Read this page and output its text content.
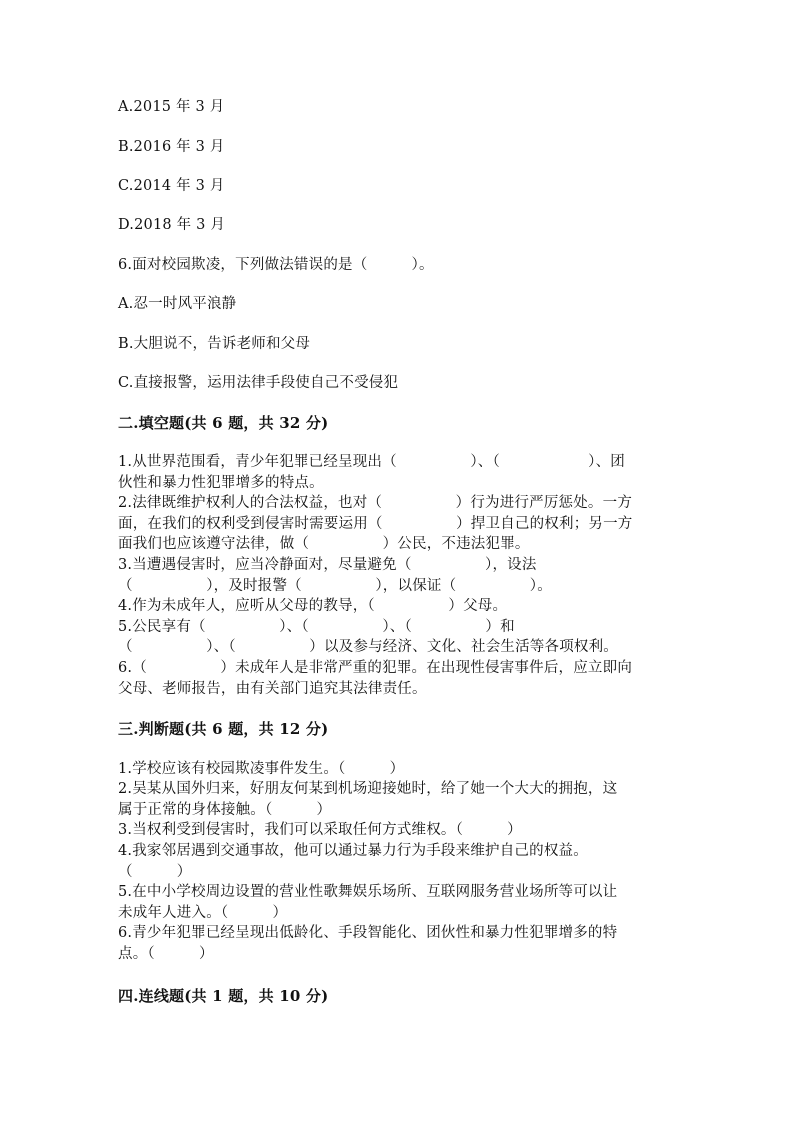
A.2015 年 3 月
B.2016 年 3 月
C.2014 年 3 月
D.2018 年 3 月
6.面对校园欺凌，下列做法错误的是（　　　）。
A.忍一时风平浪静
B.大胆说不，告诉老师和父母
C.直接报警，运用法律手段使自己不受侵犯
二.填空题(共 6 题，共 32 分)
1.从世界范围看，青少年犯罪已经呈现出（　　　　　）、（　　　　　　）、团
伙性和暴力性犯罪增多的特点。
2.法律既维护权利人的合法权益，也对（　　　　　）行为进行严厉惩处。一方
面，在我们的权利受到侵害时需要运用（　　　　　）捍卫自己的权利；另一方
面我们也应该遵守法律，做（　　　　　）公民，不违法犯罪。
3.当遭遇侵害时，应当冷静面对，尽量避免（　　　　　），设法
（　　　　　），及时报警（　　　　　），以保证（　　　　　）。
4.作为未成年人，应听从父母的教导，（　　　　　）父母。
5.公民享有（　　　　　）、（　　　　　）、（　　　　　）和
（　　　　　）、（　　　　　）以及参与经济、文化、社会生活等各项权利。
6.（　　　　　）未成年人是非常严重的犯罪。在出现性侵害事件后，应立即向
父母、老师报告，由有关部门追究其法律责任。
三.判断题(共 6 题，共 12 分)
1.学校应该有校园欺凌事件发生。（　　　）
2.吴某从国外归来，好朋友何某到机场迎接她时，给了她一个大大的拥抱，这
属于正常的身体接触。（　　　）
3.当权利受到侵害时，我们可以采取任何方式维权。（　　　）
4.我家邻居遇到交通事故，他可以通过暴力行为手段来维护自己的权益。
（　　　）
5.在中小学校周边设置的营业性歌舞娱乐场所、互联网服务营业场所等可以让
未成年人进入。（　　　）
6.青少年犯罪已经呈现出低龄化、手段智能化、团伙性和暴力性犯罪增多的特
点。（　　　）
四.连线题(共 1 题，共 10 分)
